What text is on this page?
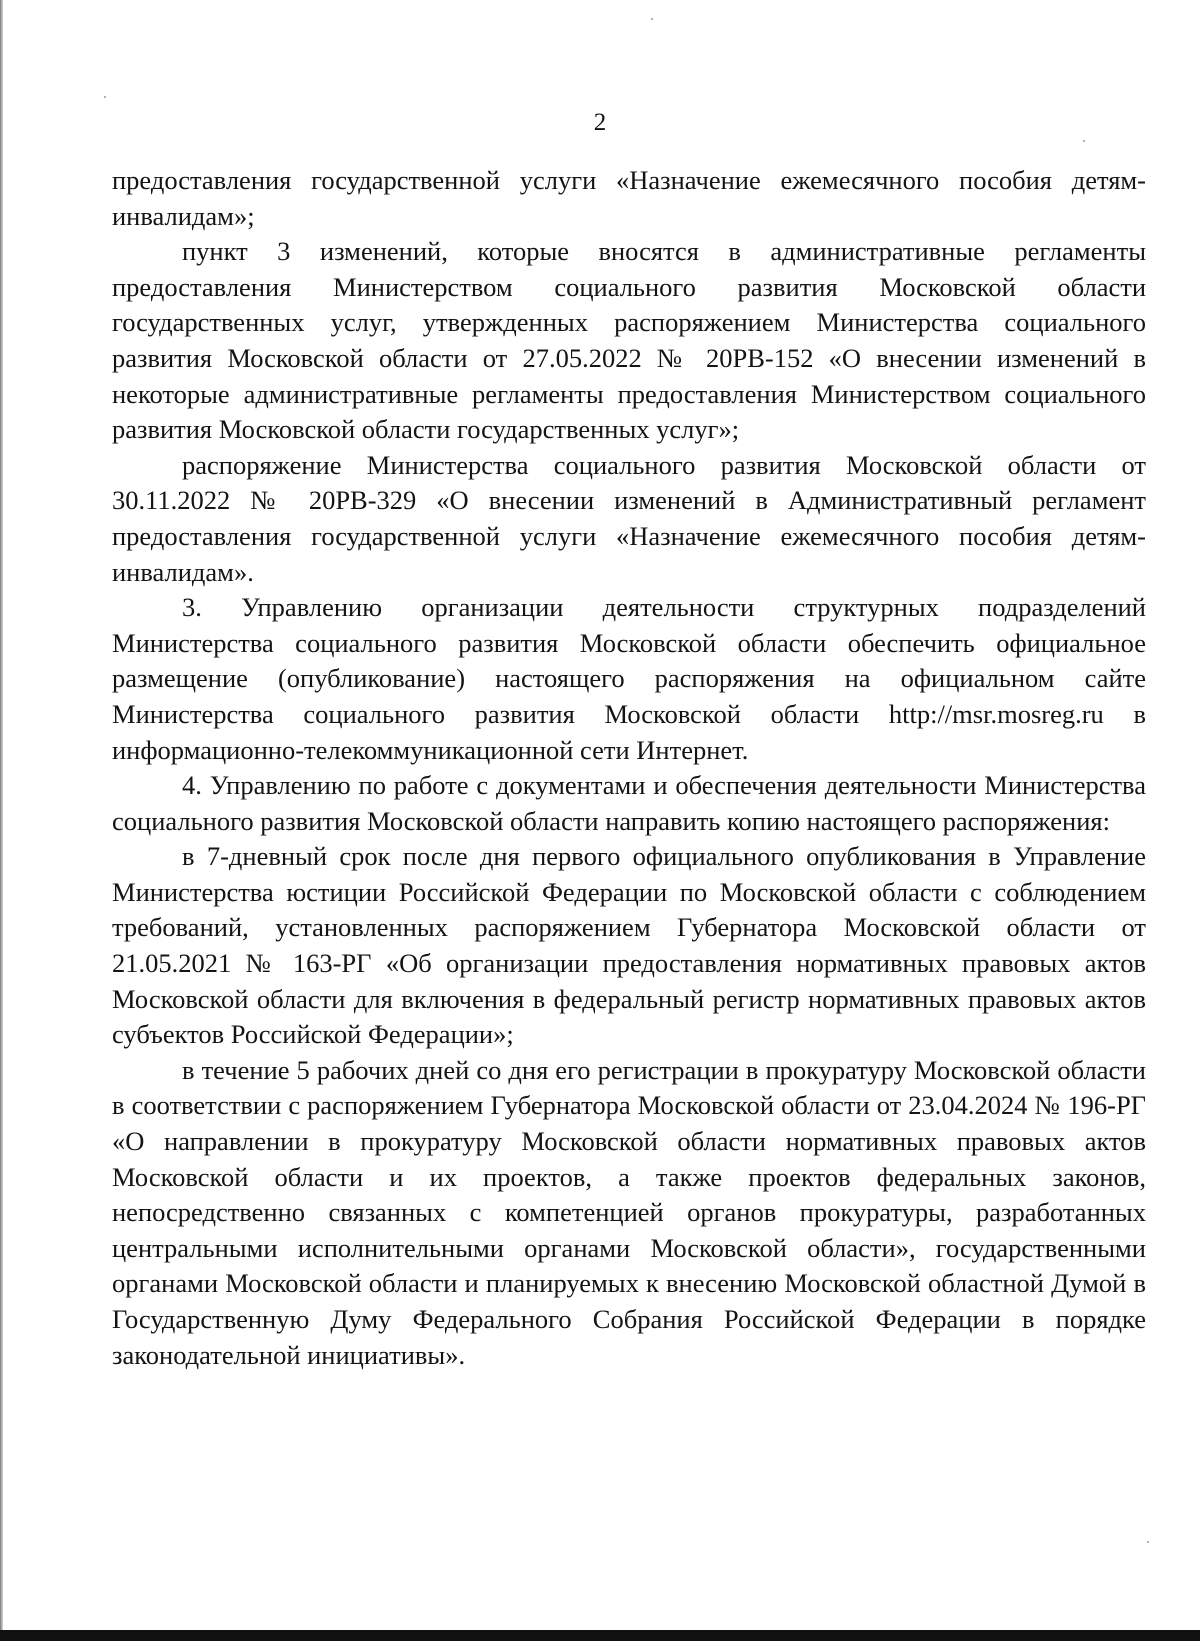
2

предоставления государственной услуги «Назначение ежемесячного пособия детям-инвалидам»;

пункт 3 изменений, которые вносятся в административные регламенты предоставления Министерством социального развития Московской области государственных услуг, утвержденных распоряжением Министерства социального развития Московской области от 27.05.2022 № 20РВ-152 «О внесении изменений в некоторые административные регламенты предоставления Министерством социального развития Московской области государственных услуг»;

распоряжение Министерства социального развития Московской области от 30.11.2022 № 20РВ-329 «О внесении изменений в Административный регламент предоставления государственной услуги «Назначение ежемесячного пособия детям-инвалидам».

3. Управлению организации деятельности структурных подразделений Министерства социального развития Московской области обеспечить официальное размещение (опубликование) настоящего распоряжения на официальном сайте Министерства социального развития Московской области http://msr.mosreg.ru в информационно-телекоммуникационной сети Интернет.

4. Управлению по работе с документами и обеспечения деятельности Министерства социального развития Московской области направить копию настоящего распоряжения:

в 7-дневный срок после дня первого официального опубликования в Управление Министерства юстиции Российской Федерации по Московской области с соблюдением требований, установленных распоряжением Губернатора Московской области от 21.05.2021 № 163-РГ «Об организации предоставления нормативных правовых актов Московской области для включения в федеральный регистр нормативных правовых актов субъектов Российской Федерации»;

в течение 5 рабочих дней со дня его регистрации в прокуратуру Московской области в соответствии с распоряжением Губернатора Московской области от 23.04.2024 № 196-РГ «О направлении в прокуратуру Московской области нормативных правовых актов Московской области и их проектов, а также проектов федеральных законов, непосредственно связанных с компетенцией органов прокуратуры, разработанных центральными исполнительными органами Московской области», государственными органами Московской области и планируемых к внесению Московской областной Думой в Государственную Думу Федерального Собрания Российской Федерации в порядке законодательной инициативы».
